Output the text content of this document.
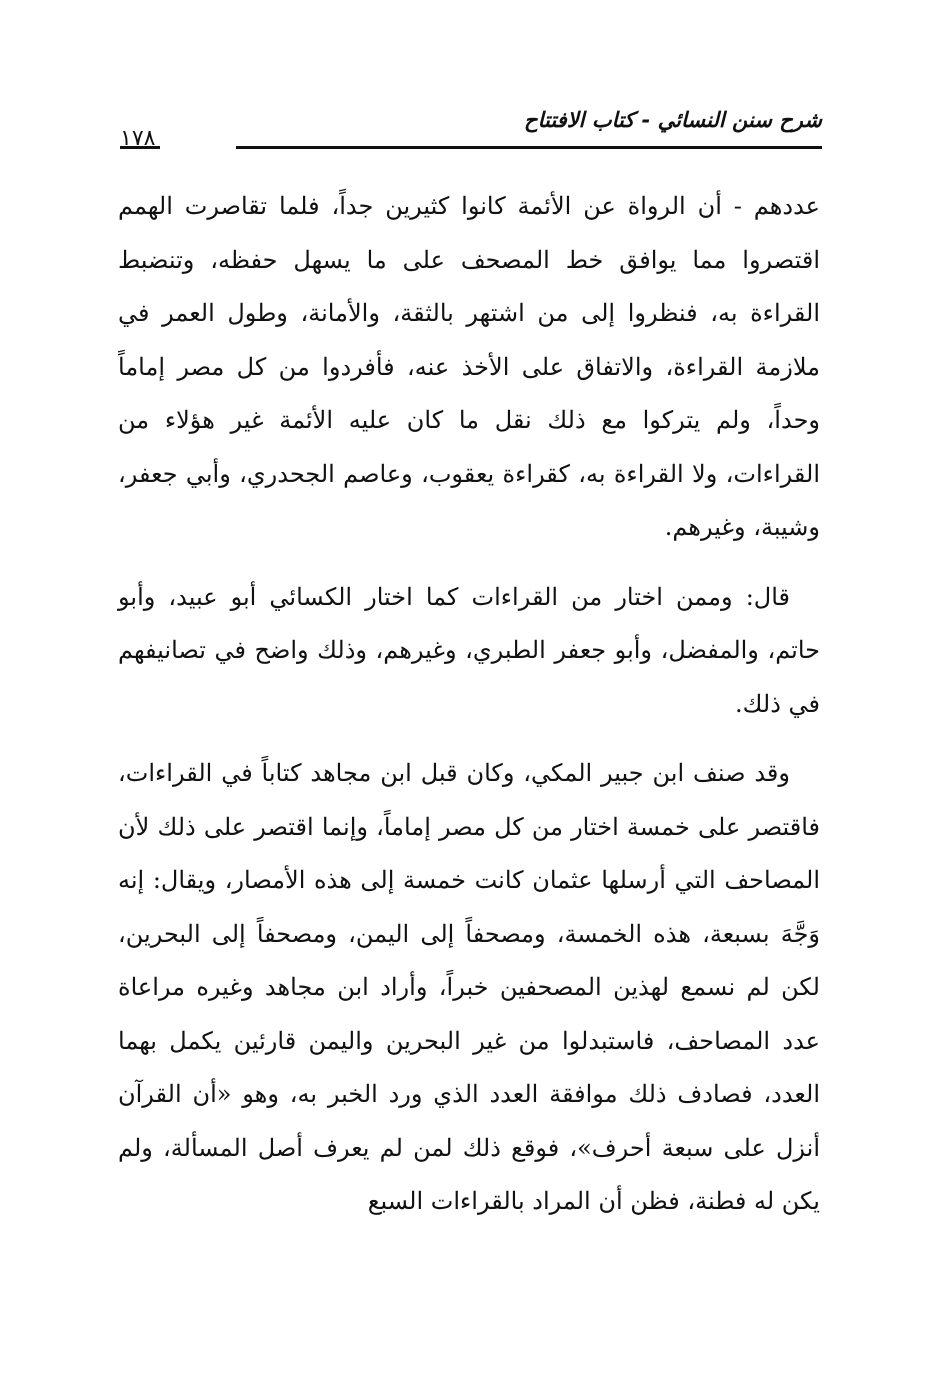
شرح سنن النسائي - كتاب الافتتاح
١٧٨

عددهم - أن الرواة عن الأئمة كانوا كثيرين جداً، فلما تقاصرت الهمم اقتصروا مما يوافق خط المصحف على ما يسهل حفظه، وتنضبط القراءة به، فنظروا إلى من اشتهر بالثقة، والأمانة، وطول العمر في ملازمة القراءة، والاتفاق على الأخذ عنه، فأفردوا من كل مصر إماماً وحداً، ولم يتركوا مع ذلك نقل ما كان عليه الأئمة غير هؤلاء من القراءات، ولا القراءة به، كقراءة يعقوب، وعاصم الجحدري، وأبي جعفر، وشيبة، وغيرهم.

قال: وممن اختار من القراءات كما اختار الكسائي أبو عبيد، وأبو حاتم، والمفضل، وأبو جعفر الطبري، وغيرهم، وذلك واضح في تصانيفهم في ذلك.

وقد صنف ابن جبير المكي، وكان قبل ابن مجاهد كتاباً في القراءات، فاقتصر على خمسة اختار من كل مصر إماماً، وإنما اقتصر على ذلك لأن المصاحف التي أرسلها عثمان كانت خمسة إلى هذه الأمصار، ويقال: إنه وَجَّهَ بسبعة، هذه الخمسة، ومصحفاً إلى اليمن، ومصحفاً إلى البحرين، لكن لم نسمع لهذين المصحفين خبراً، وأراد ابن مجاهد وغيره مراعاة عدد المصاحف، فاستبدلوا من غير البحرين واليمن قارئين يكمل بهما العدد، فصادف ذلك موافقة العدد الذي ورد الخبر به، وهو «أن القرآن أنزل على سبعة أحرف»، فوقع ذلك لمن لم يعرف أصل المسألة، ولم يكن له فطنة، فظن أن المراد بالقراءات السبع
